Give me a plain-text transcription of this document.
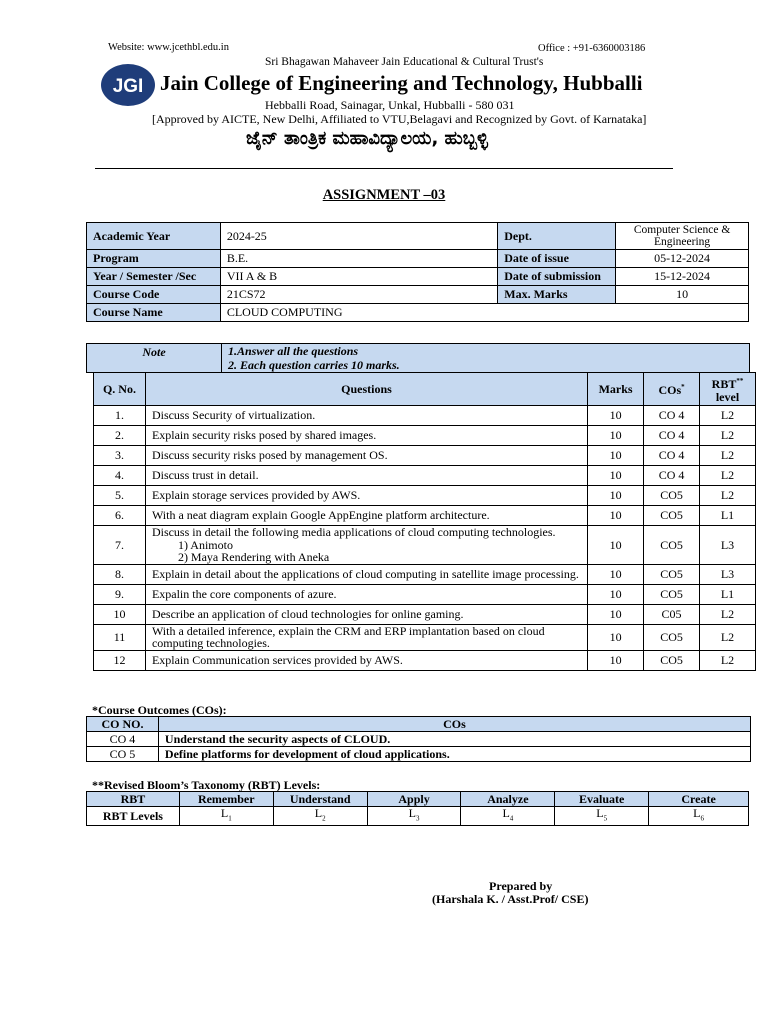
Website: www.jcethbl.edu.in	Office : +91-6360003186
Sri Bhagawan Mahaveer Jain Educational & Cultural Trust's
JGI Jain College of Engineering and Technology, Hubballi
Hebballi Road, Sainagar, Unkal, Hubballi - 580 031
[Approved by AICTE, New Delhi, Affiliated to VTU,Belagavi and Recognized by Govt. of Karnataka]
ಜೈನ್ ತಾಂತ್ರಿಕ ಮಹಾವಿದ್ಯಾಲಯ, ಹುಬ್ಬಳ್ಳಿ
ASSIGNMENT –03
Academic Year	2024-25	Dept.	Computer Science & Engineering
Program	B.E.	Date of issue	05-12-2024
Year / Semester /Sec	VII A & B	Date of submission	15-12-2024
Course Code	21CS72	Max. Marks	10
Course Name	CLOUD COMPUTING		
Note	1.Answer all the questions
2. Each question carries 10 marks.
Q. No.	Questions	Marks	COs*	RBT**
level
1.	Discuss Security of virtualization.	10	CO 4	L2
2.	Explain security risks posed by shared images.	10	CO 4	L2
3.	Discuss security risks posed by management OS.	10	CO 4	L2
4.	Discuss trust in detail.	10	CO 4	L2
5.	Explain storage services provided by AWS.	10	CO5	L2
6.	With a neat diagram explain Google AppEngine platform architecture.	10	CO5	L1
7.	Discuss in detail the following media applications of cloud computing technologies.
1) Animoto
2) Maya Rendering with Aneka	10	CO5	L3
8.	Explain in detail about the applications of cloud computing in satellite image processing.	10	CO5	L3
9.	Expalin the core components of azure.	10	CO5	L1
10	Describe an application of cloud technologies for online gaming.	10	C05	L2
11	With a detailed inference, explain the CRM and ERP implantation based on cloud computing technologies.	10	CO5	L2
12	Explain Communication services provided by AWS.	10	CO5	L2
*Course Outcomes (COs):
CO NO.	COs
CO 4	Understand the security aspects of CLOUD.
CO 5	Define platforms for development of cloud applications.
**Revised Bloom’s Taxonomy (RBT) Levels:
RBT	Remember	Understand	Apply	Analyze	Evaluate	Create
RBT Levels	$L_1$	$L_2$	$L_3$	$L_4$	$L_5$	$L_6$
Prepared by
(Harshala K. / Asst.Prof/ CSE)
